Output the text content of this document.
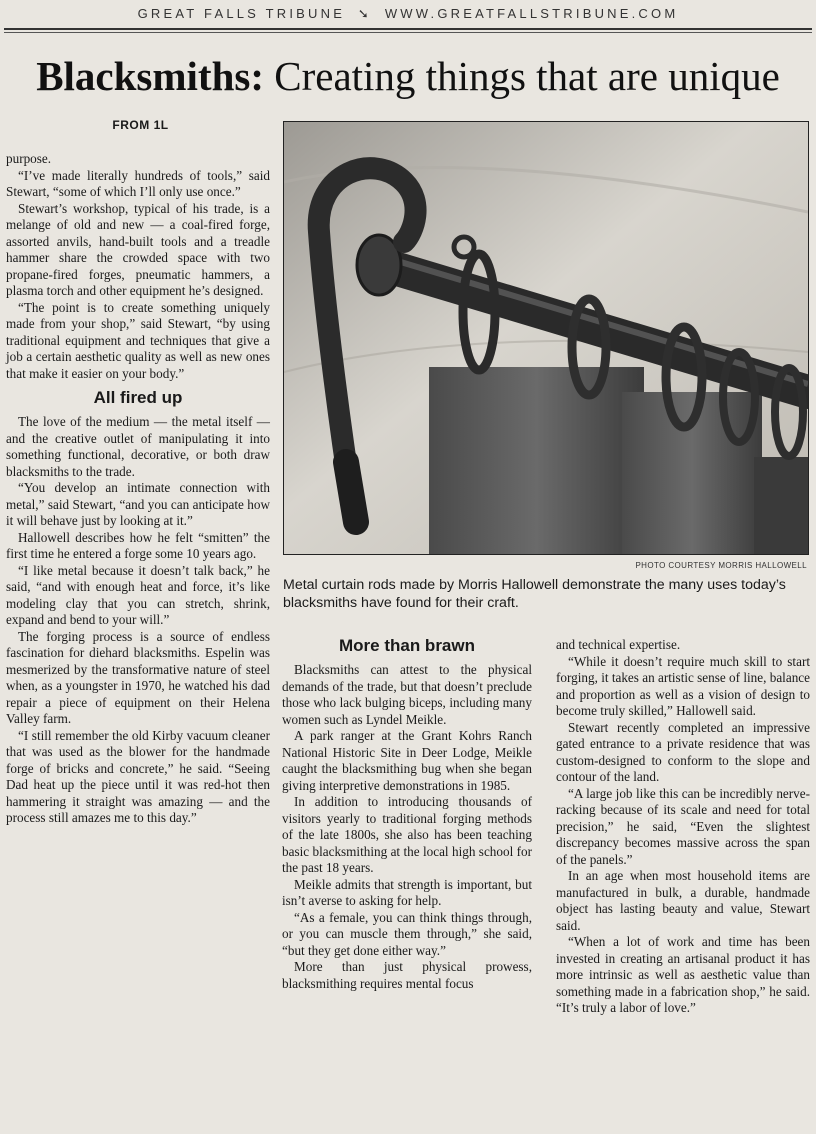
GREAT FALLS TRIBUNE ➘ WWW.GREATFALLSTRIBUNE.COM
Blacksmiths: Creating things that are unique
FROM 1L

purpose.

“I’ve made literally hundreds of tools,” said Stewart, “some of which I’ll only use once.”

Stewart’s workshop, typical of his trade, is a melange of old and new — a coal-fired forge, assorted anvils, hand-built tools and a treadle hammer share the crowded space with two propane-fired forges, pneumatic hammers, a plasma torch and other equipment he’s designed.

“The point is to create something uniquely made from your shop,” said Stewart, “by using traditional equipment and techniques that give a job a certain aesthetic quality as well as new ones that make it easier on your body.”

All fired up

The love of the medium — the metal itself — and the creative outlet of manipulating it into something functional, decorative, or both draw blacksmiths to the trade.

“You develop an intimate connection with metal,” said Stewart, “and you can anticipate how it will behave just by looking at it.”

Hallowell describes how he felt “smitten” the first time he entered a forge some 10 years ago.

“I like metal because it doesn’t talk back,” he said, “and with enough heat and force, it’s like modeling clay that you can stretch, shrink, expand and bend to your will.”

The forging process is a source of endless fascination for diehard blacksmiths. Espelin was mesmerized by the transformative nature of steel when, as a youngster in 1970, he watched his dad repair a piece of equipment on their Helena Valley farm.

“I still remember the old Kirby vacuum cleaner that was used as the blower for the handmade forge of bricks and concrete,” he said. “Seeing Dad heat up the piece until it was red-hot then hammering it straight was amazing — and the process still amazes me to this day.”

PHOTO COURTESY MORRIS HALLOWELL
Metal curtain rods made by Morris Hallowell demonstrate the many uses today’s blacksmiths have found for their craft.
More than brawn

Blacksmiths can attest to the physical demands of the trade, but that doesn’t preclude those who lack bulging biceps, including many women such as Lyndel Meikle.

A park ranger at the Grant Kohrs Ranch National Historic Site in Deer Lodge, Meikle caught the blacksmithing bug when she began giving interpretive demonstrations in 1985.

In addition to introducing thousands of visitors yearly to traditional forging methods of the late 1800s, she also has been teaching basic blacksmithing at the local high school for the past 18 years.

Meikle admits that strength is important, but isn’t averse to asking for help.

“As a female, you can think things through, or you can muscle them through,” she said, “but they get done either way.”

More than just physical prowess, blacksmithing requires mental focus

and technical expertise.

“While it doesn’t require much skill to start forging, it takes an artistic sense of line, balance and proportion as well as a vision of design to become truly skilled,” Hallowell said.

Stewart recently completed an impressive gated entrance to a private residence that was custom-designed to conform to the slope and contour of the land.

“A large job like this can be incredibly nerve-racking because of its scale and need for total precision,” he said, “Even the slightest discrepancy becomes massive across the span of the panels.”

In an age when most household items are manufactured in bulk, a durable, handmade object has lasting beauty and value, Stewart said.

“When a lot of work and time has been invested in creating an artisanal product it has more intrinsic as well as aesthetic value than something made in a fabrication shop,” he said. “It’s truly a labor of love.”
